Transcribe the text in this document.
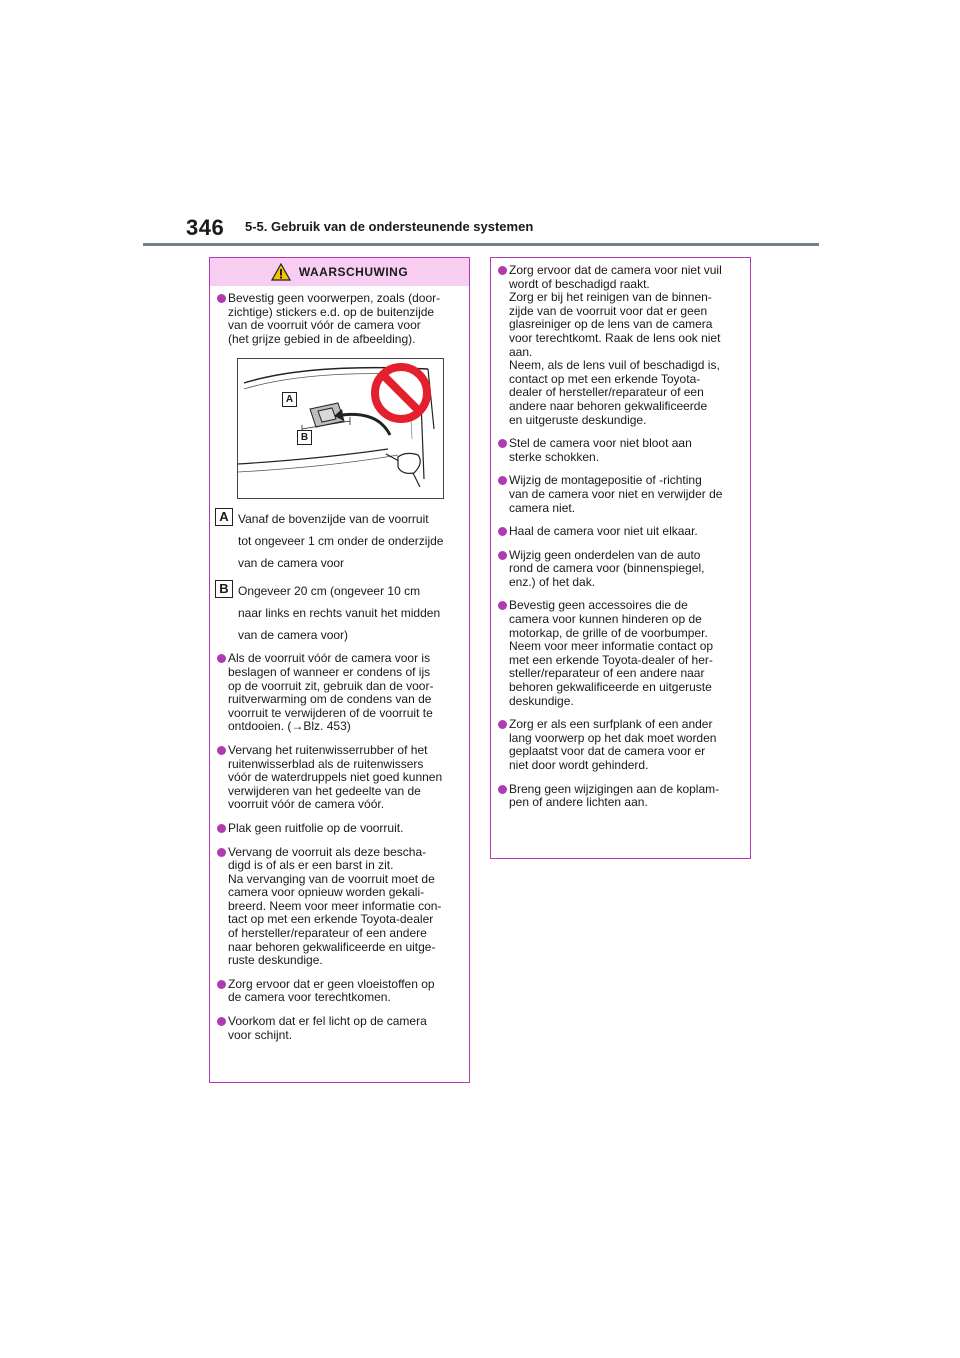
346 5-5. Gebruik van de ondersteunende systemen
WAARSCHUWING

Bevestig geen voorwerpen, zoals (door-
zichtige) stickers e.d. op de buitenzijde
van de voorruit vóór de camera voor
(het grijze gebied in de afbeelding).

A
B
A Vanaf de bovenzijde van de voorruit
tot ongeveer 1 cm onder de onderzijde
van de camera voor
B Ongeveer 20 cm (ongeveer 10 cm
naar links en rechts vanuit het midden
van de camera voor)

Als de voorruit vóór de camera voor is
beslagen of wanneer er condens of ijs
op de voorruit zit, gebruik dan de voor-
ruitverwarming om de condens van de
voorruit te verwijderen of de voorruit te
ontdooien. (→Blz. 453)

Vervang het ruitenwisserrubber of het
ruitenwisserblad als de ruitenwissers
vóór de waterdruppels niet goed kunnen
verwijderen van het gedeelte van de
voorruit vóór de camera vóór.

Plak geen ruitfolie op de voorruit.

Vervang de voorruit als deze bescha-
digd is of als er een barst in zit.
Na vervanging van de voorruit moet de
camera voor opnieuw worden gekali-
breerd. Neem voor meer informatie con-
tact op met een erkende Toyota-dealer
of hersteller/reparateur of een andere
naar behoren gekwalificeerde en uitge-
ruste deskundige.

Zorg ervoor dat er geen vloeistoffen op
de camera voor terechtkomen.

Voorkom dat er fel licht op de camera
voor schijnt.

Zorg ervoor dat de camera voor niet vuil
wordt of beschadigd raakt.
Zorg er bij het reinigen van de binnen-
zijde van de voorruit voor dat er geen
glasreiniger op de lens van de camera
voor terechtkomt. Raak de lens ook niet
aan.
Neem, als de lens vuil of beschadigd is,
contact op met een erkende Toyota-
dealer of hersteller/reparateur of een
andere naar behoren gekwalificeerde
en uitgeruste deskundige.

Stel de camera voor niet bloot aan
sterke schokken.

Wijzig de montagepositie of -richting
van de camera voor niet en verwijder de
camera niet.

Haal de camera voor niet uit elkaar.

Wijzig geen onderdelen van de auto
rond de camera voor (binnenspiegel,
enz.) of het dak.

Bevestig geen accessoires die de
camera voor kunnen hinderen op de
motorkap, de grille of de voorbumper.
Neem voor meer informatie contact op
met een erkende Toyota-dealer of her-
steller/reparateur of een andere naar
behoren gekwalificeerde en uitgeruste
deskundige.

Zorg er als een surfplank of een ander
lang voorwerp op het dak moet worden
geplaatst voor dat de camera voor er
niet door wordt gehinderd.

Breng geen wijzigingen aan de koplam-
pen of andere lichten aan.
